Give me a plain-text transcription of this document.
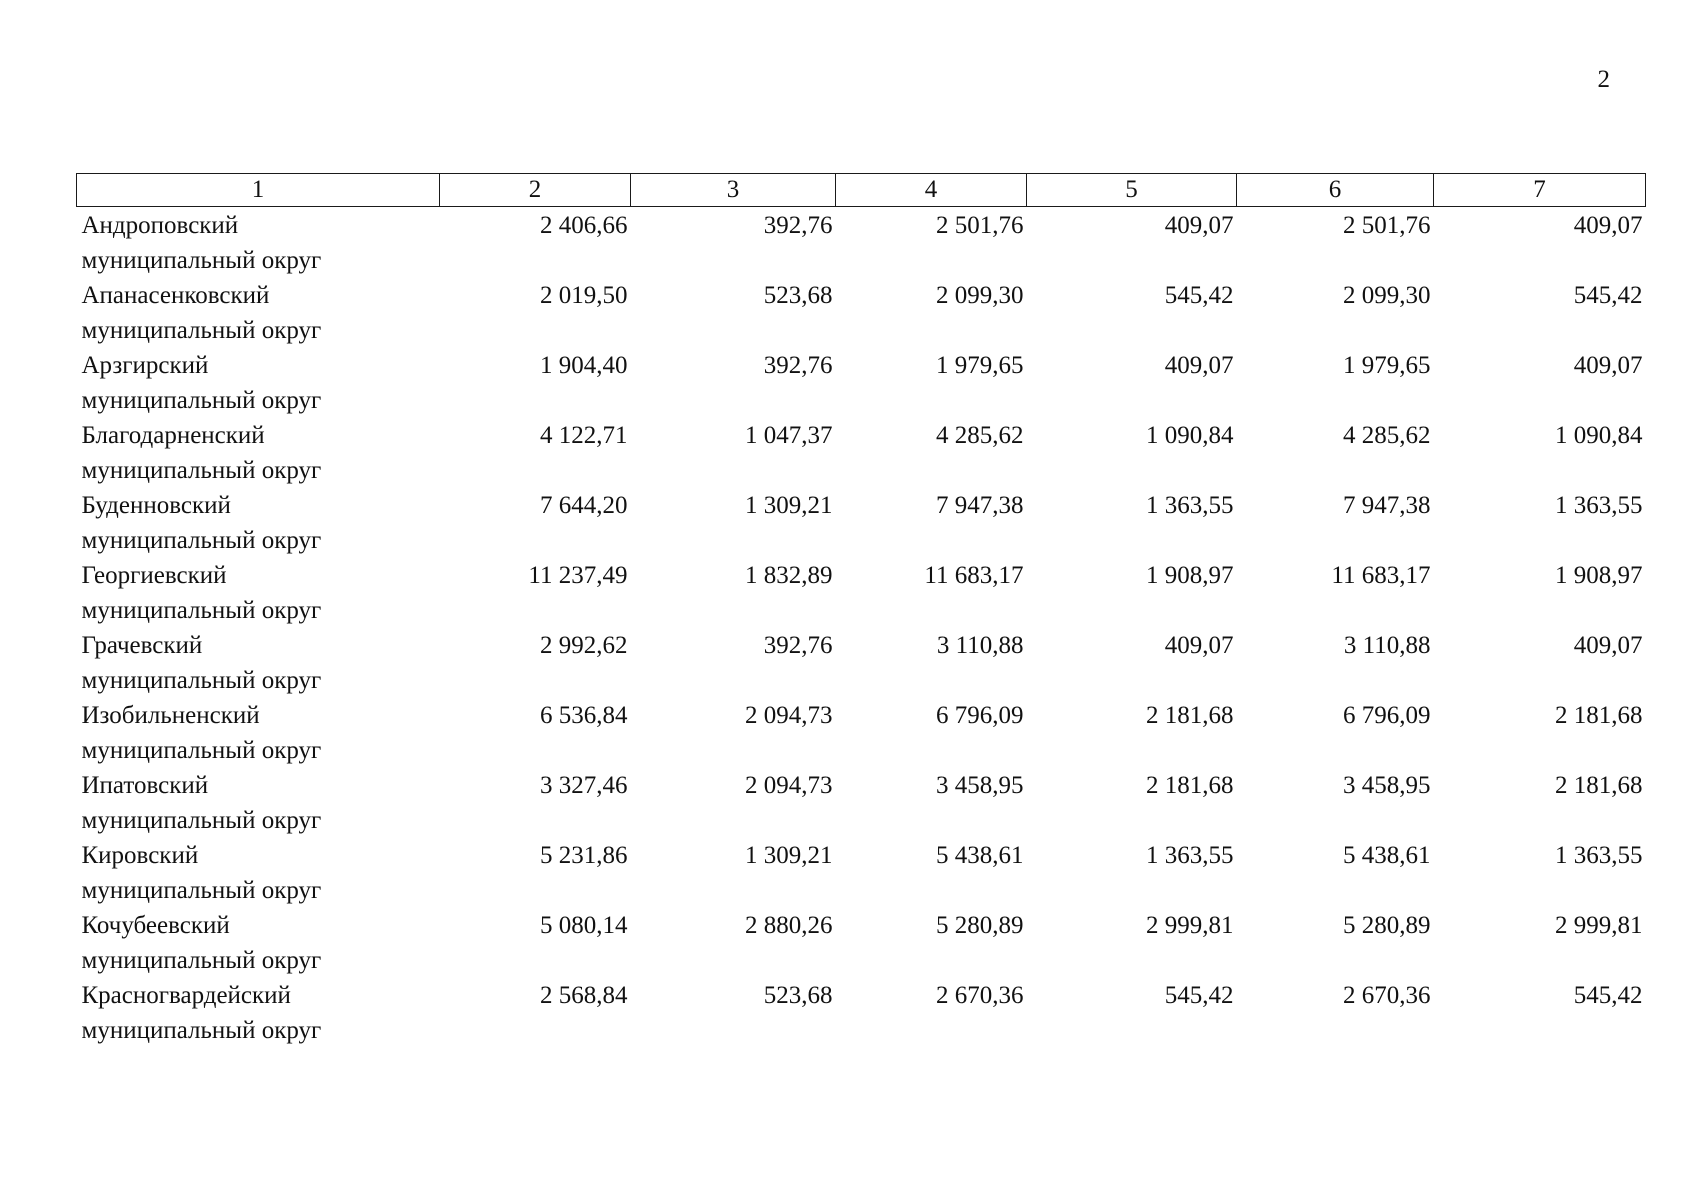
2
1	2	3	4	5	6	7

Андроповский
муниципальный округ	2 406,66	392,76	2 501,76	409,07	2 501,76	409,07

Апанасенковский
муниципальный округ	2 019,50	523,68	2 099,30	545,42	2 099,30	545,42

Арзгирский
муниципальный округ	1 904,40	392,76	1 979,65	409,07	1 979,65	409,07

Благодарненский
муниципальный округ	4 122,71	1 047,37	4 285,62	1 090,84	4 285,62	1 090,84

Буденновский
муниципальный округ	7 644,20	1 309,21	7 947,38	1 363,55	7 947,38	1 363,55

Георгиевский
муниципальный округ	11 237,49	1 832,89	11 683,17	1 908,97	11 683,17	1 908,97

Грачевский
муниципальный округ	2 992,62	392,76	3 110,88	409,07	3 110,88	409,07

Изобильненский
муниципальный округ	6 536,84	2 094,73	6 796,09	2 181,68	6 796,09	2 181,68

Ипатовский
муниципальный округ	3 327,46	2 094,73	3 458,95	2 181,68	3 458,95	2 181,68

Кировский
муниципальный округ	5 231,86	1 309,21	5 438,61	1 363,55	5 438,61	1 363,55

Кочубеевский
муниципальный округ	5 080,14	2 880,26	5 280,89	2 999,81	5 280,89	2 999,81

Красногвардейский
муниципальный округ	2 568,84	523,68	2 670,36	545,42	2 670,36	545,42
